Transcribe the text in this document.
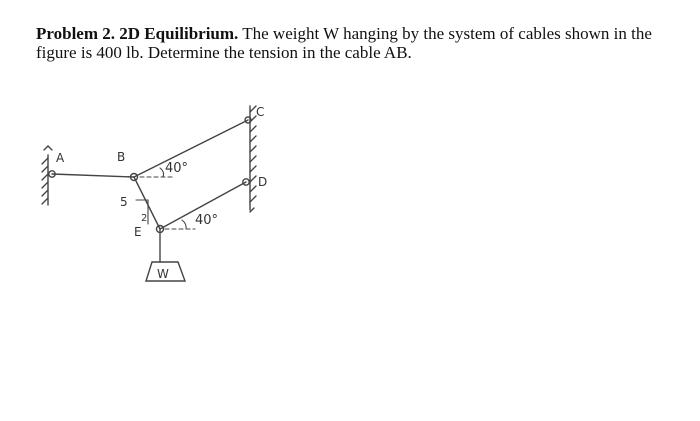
Problem 2. 2D Equilibrium. The weight W hanging by the system of cables shown in the figure is 400 lb. Determine the tension in the cable AB.
A	B
C
D
E
5
2
40°
40°
W
